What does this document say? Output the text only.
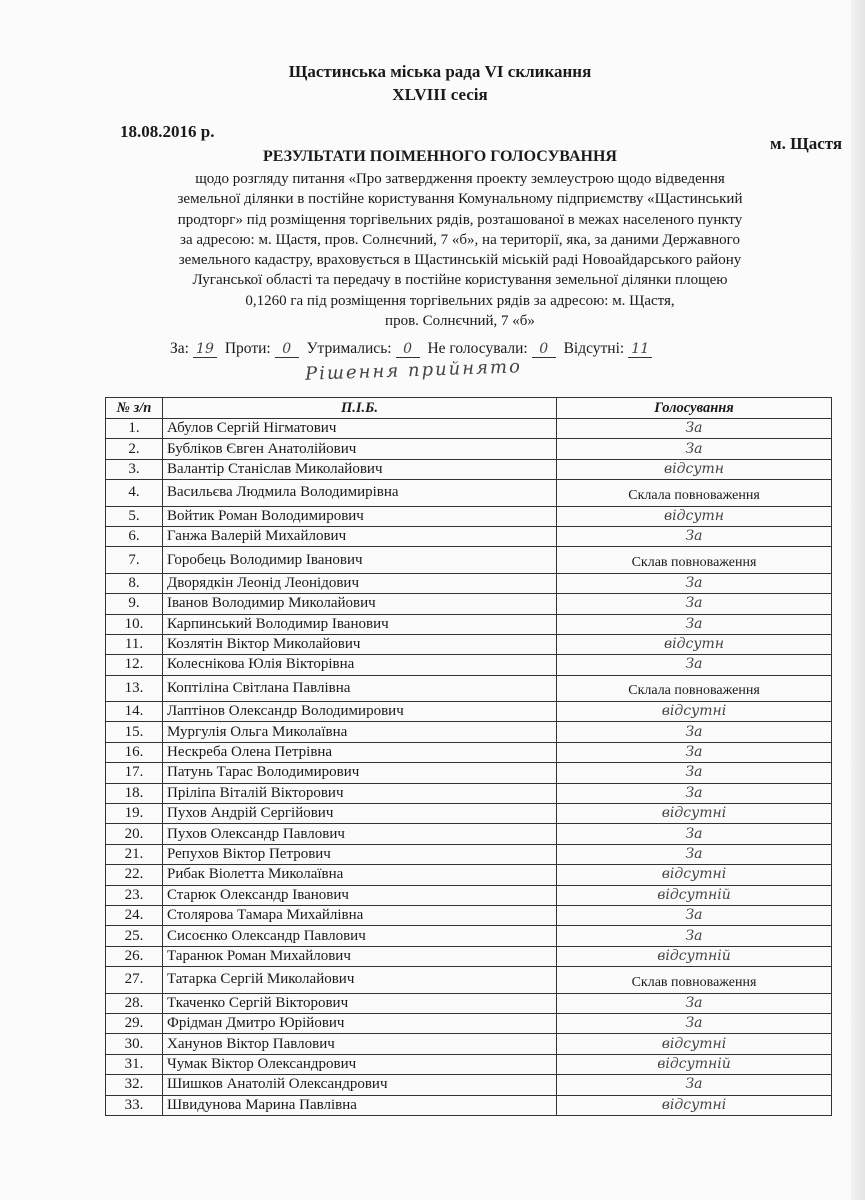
Щастинська міська рада VI скликання
XLVIII сесія
18.08.2016 р.
м. Щастя
РЕЗУЛЬТАТИ ПОІМЕННОГО ГОЛОСУВАННЯ
щодо розгляду питання «Про затвердження проекту землеустрою щодо відведення
земельної ділянки в постійне користування Комунальному підприємству «Щастинський
продторг» під розміщення торгівельних рядів, розташованої в межах населеного пункту
за адресою: м. Щастя, пров. Солнєчний, 7 «б», на території, яка, за даними Державного
земельного кадастру, враховується в Щастинській міській раді Новоайдарського району
Луганської області та передачу в постійне користування земельної ділянки площею
0,1260 га під розміщення торгівельних рядів за адресою: м. Щастя,
пров. Солнєчний, 7 «б»
За: 19 Проти: 0 Утримались: 0 Не голосували: 0 Відсутні: 11
Рішення прийнято
№ з/п	П.І.Б.	Голосування
1.	Абулов Сергій Нігматович	За
2.	Бубліков Євген Анатолійович	За
3.	Валантір Станіслав Миколайович	відсутн
4.	Васильєва Людмила Володимирівна	Склала повноваження
5.	Войтик Роман Володимирович	відсутн
6.	Ганжа Валерій Михайлович	За
7.	Горобець Володимир Іванович	Склав повноваження
8.	Дворядкін Леонід Леонідович	За
9.	Іванов Володимир Миколайович	За
10.	Карпинський Володимир Іванович	За
11.	Козлятін Віктор Миколайович	відсутн
12.	Колеснікова Юлія Вікторівна	За
13.	Коптіліна Світлана Павлівна	Склала повноваження
14.	Лаптінов Олександр Володимирович	відсутні
15.	Мургулія Ольга Миколаївна	За
16.	Нескреба Олена Петрівна	За
17.	Патунь Тарас Володимирович	За
18.	Пріліпа Віталій Вікторович	За
19.	Пухов Андрій Сергійович	відсутні
20.	Пухов Олександр Павлович	За
21.	Репухов Віктор Петрович	За
22.	Рибак Віолетта Миколаївна	відсутні
23.	Старюк Олександр Іванович	відсутній
24.	Столярова Тамара Михайлівна	За
25.	Сисоєнко Олександр Павлович	За
26.	Таранюк Роман Михайлович	відсутній
27.	Татарка Сергій Миколайович	Склав повноваження
28.	Ткаченко Сергій Вікторович	За
29.	Фрідман Дмитро Юрійович	За
30.	Ханунов Віктор Павлович	відсутні
31.	Чумак Віктор Олександрович	відсутній
32.	Шишков Анатолій Олександрович	За
33.	Швидунова Марина Павлівна	відсутні
